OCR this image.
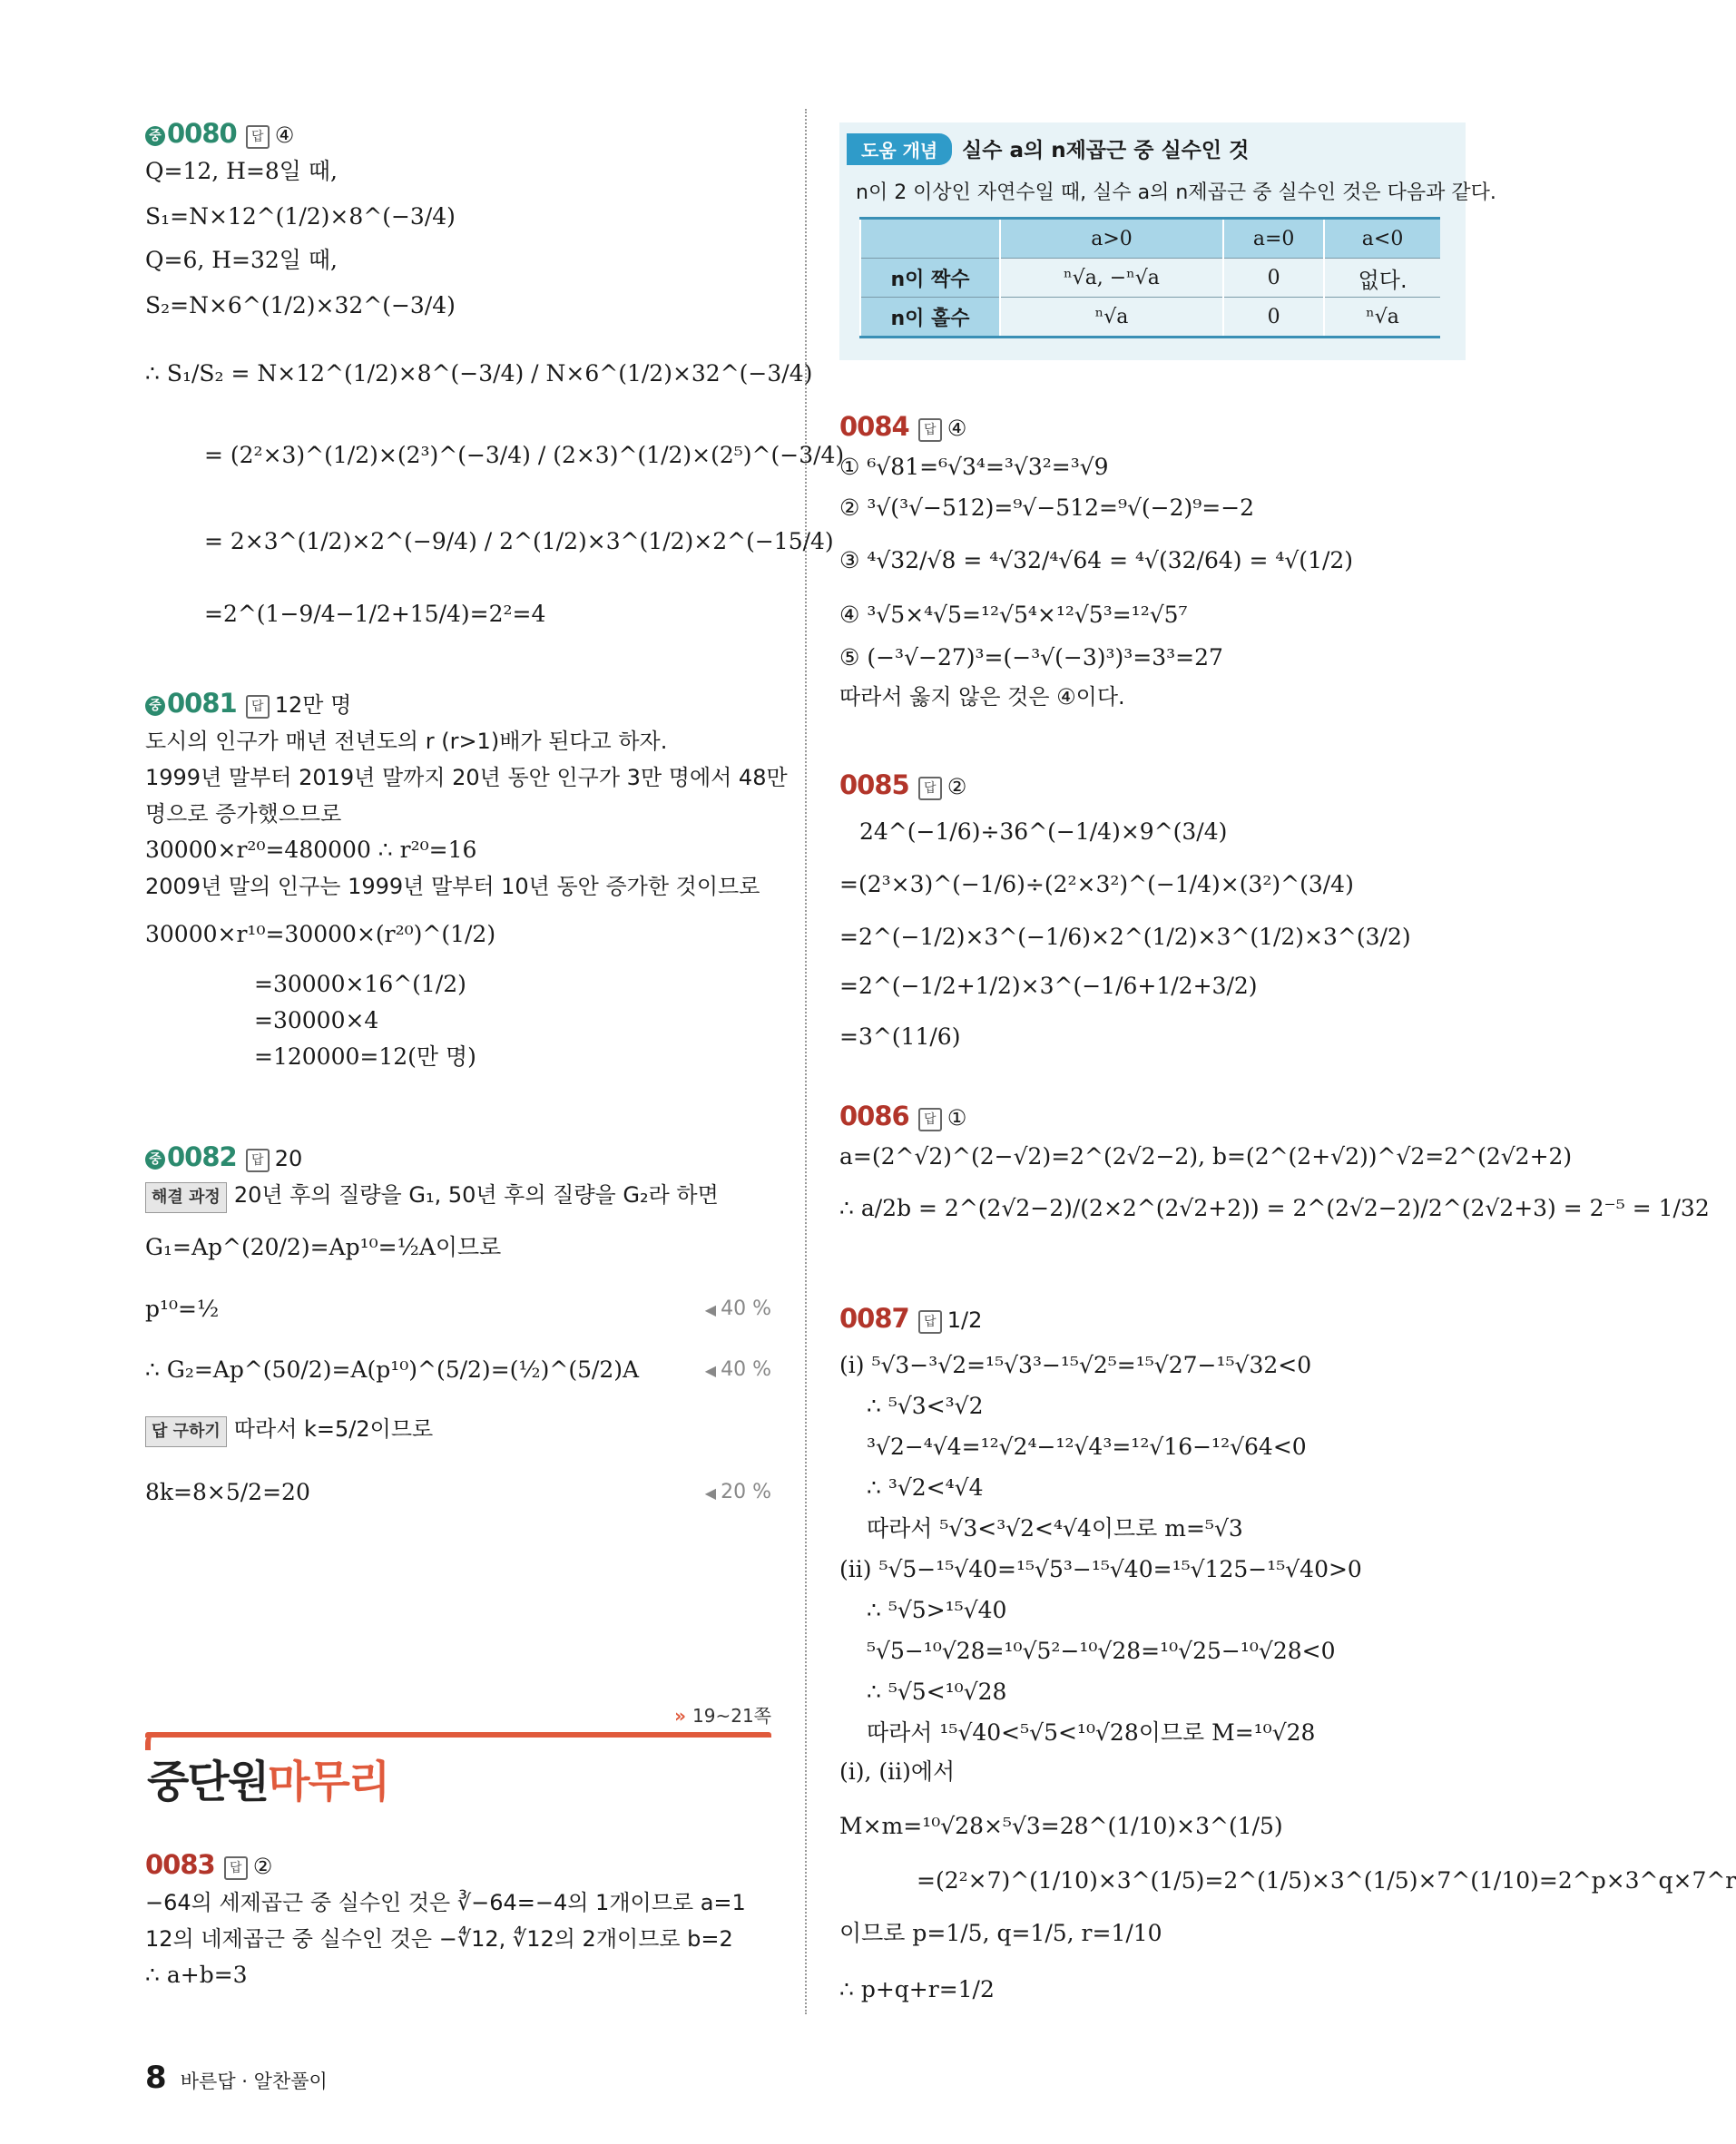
중 0080 답 ④
Q=12, H=8일 때,
S₁=N×12^(1/2)×8^(−3/4)
Q=6, H=32일 때,
S₂=N×6^(1/2)×32^(−3/4)
∴ S₁/S₂ = N×12^(1/2)×8^(−3/4) / N×6^(1/2)×32^(−3/4)
= (2²×3)^(1/2)×(2³)^(−3/4) / (2×3)^(1/2)×(2⁵)^(−3/4)
= 2×3^(1/2)×2^(−9/4) / 2^(1/2)×3^(1/2)×2^(−15/4)
=2^(1−9/4−1/2+15/4)=2²=4
중 0081 답 12만 명
도시의 인구가 매년 전년도의 r (r>1)배가 된다고 하자.
1999년 말부터 2019년 말까지 20년 동안 인구가 3만 명에서 48만
명으로 증가했으므로
30000×r²⁰=480000 ∴ r²⁰=16
2009년 말의 인구는 1999년 말부터 10년 동안 증가한 것이므로
30000×r¹⁰=30000×(r²⁰)^(1/2)
=30000×16^(1/2)
=30000×4
=120000=12(만 명)
중 0082 답 20
해결 과정 20년 후의 질량을 G₁, 50년 후의 질량을 G₂라 하면
G₁=Ap^(20/2)=Ap¹⁰=½A이므로
p¹⁰=½	◀ 40 %
∴ G₂=Ap^(50/2)=A(p¹⁰)^(5/2)=(½)^(5/2)A	◀ 40 %
답 구하기 따라서 k=5/2이므로
8k=8×5/2=20	◀ 20 %
» 19~21쪽
중단원마무리
0083 답 ②
−64의 세제곱근 중 실수인 것은 ∛−64=−4의 1개이므로 a=1
12의 네제곱근 중 실수인 것은 −∜12, ∜12의 2개이므로 b=2
∴ a+b=3
도움 개념	실수 a의 n제곱근 중 실수인 것
n이 2 이상인 자연수일 때, 실수 a의 n제곱근 중 실수인 것은 다음과 같다.
	a>0	a=0	a<0
n이 짝수	ⁿ√a, −ⁿ√a	0	없다.
n이 홀수	ⁿ√a	0	ⁿ√a
0084 답 ④
① ⁶√81=⁶√3⁴=³√3²=³√9
② ³√(³√−512)=⁹√−512=⁹√(−2)⁹=−2
③ ⁴√32/√8 = ⁴√32/⁴√64 = ⁴√(32/64) = ⁴√(1/2)
④ ³√5×⁴√5=¹²√5⁴×¹²√5³=¹²√5⁷
⑤ (−³√−27)³=(−³√(−3)³)³=3³=27
따라서 옳지 않은 것은 ④이다.
0085 답 ②
24^(−1/6)÷36^(−1/4)×9^(3/4)
=(2³×3)^(−1/6)÷(2²×3²)^(−1/4)×(3²)^(3/4)
=2^(−1/2)×3^(−1/6)×2^(1/2)×3^(1/2)×3^(3/2)
=2^(−1/2+1/2)×3^(−1/6+1/2+3/2)
=3^(11/6)
0086 답 ①
a=(2^√2)^(2−√2)=2^(2√2−2), b=(2^(2+√2))^√2=2^(2√2+2)
∴ a/2b = 2^(2√2−2)/(2×2^(2√2+2)) = 2^(2√2−2)/2^(2√2+3) = 2⁻⁵ = 1/32
0087 답 1/2
(i) ⁵√3−³√2=¹⁵√3³−¹⁵√2⁵=¹⁵√27−¹⁵√32<0
∴ ⁵√3<³√2
³√2−⁴√4=¹²√2⁴−¹²√4³=¹²√16−¹²√64<0
∴ ³√2<⁴√4
따라서 ⁵√3<³√2<⁴√4이므로 m=⁵√3
(ii) ⁵√5−¹⁵√40=¹⁵√5³−¹⁵√40=¹⁵√125−¹⁵√40>0
∴ ⁵√5>¹⁵√40
⁵√5−¹⁰√28=¹⁰√5²−¹⁰√28=¹⁰√25−¹⁰√28<0
∴ ⁵√5<¹⁰√28
따라서 ¹⁵√40<⁵√5<¹⁰√28이므로 M=¹⁰√28
(i), (ii)에서
M×m=¹⁰√28×⁵√3=28^(1/10)×3^(1/5)
=(2²×7)^(1/10)×3^(1/5)=2^(1/5)×3^(1/5)×7^(1/10)=2^p×3^q×7^r
이므로 p=1/5, q=1/5, r=1/10
∴ p+q+r=1/2
8 바른답 · 알찬풀이
